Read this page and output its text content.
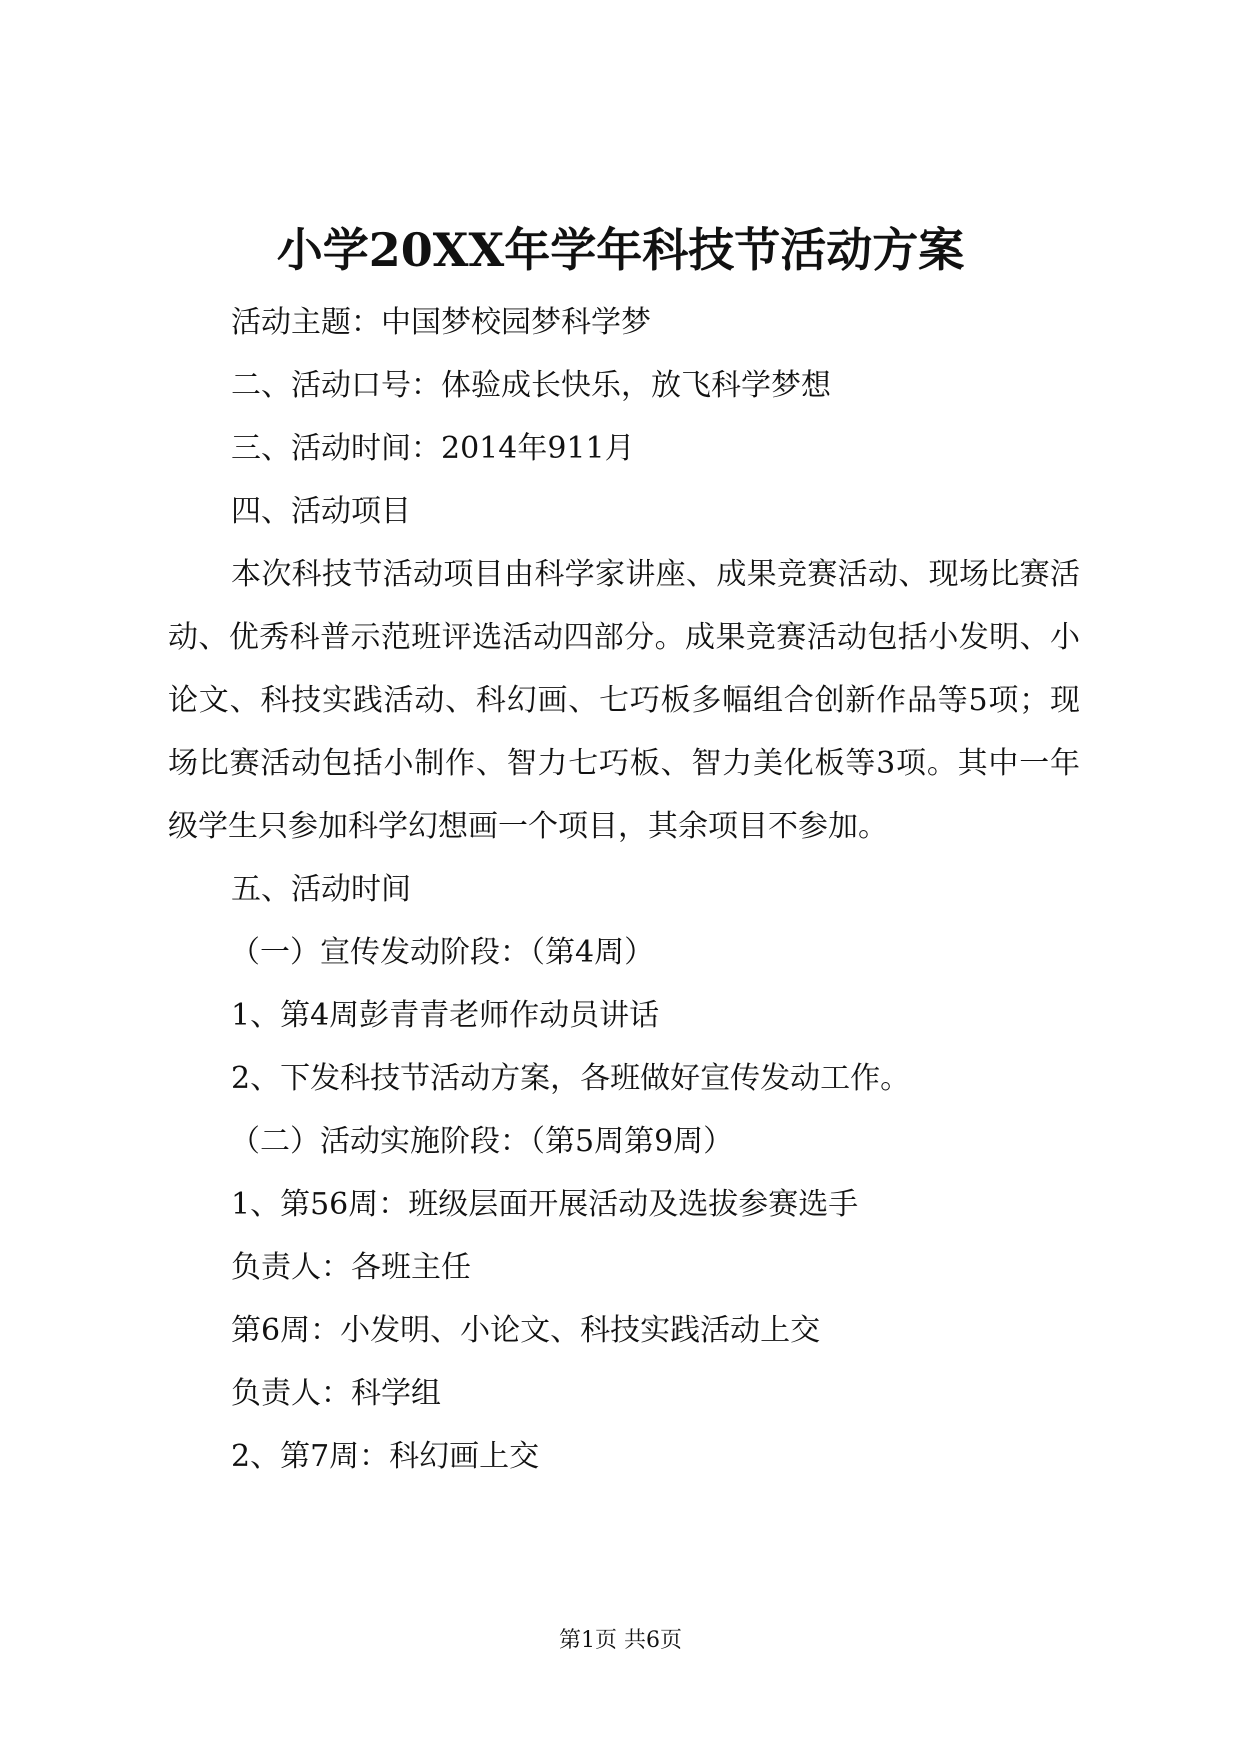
小学20XX年学年科技节活动方案

活动主题：中国梦校园梦科学梦

二、活动口号：体验成长快乐，放飞科学梦想

三、活动时间：2014年911月

四、活动项目

本次科技节活动项目由科学家讲座、成果竞赛活动、现场比赛活动、优秀科普示范班评选活动四部分。成果竞赛活动包括小发明、小论文、科技实践活动、科幻画、七巧板多幅组合创新作品等5项；现场比赛活动包括小制作、智力七巧板、智力美化板等3项。其中一年级学生只参加科学幻想画一个项目，其余项目不参加。

五、活动时间

（一）宣传发动阶段：（第4周）

1、第4周彭青青老师作动员讲话

2、下发科技节活动方案，各班做好宣传发动工作。

（二）活动实施阶段：（第5周第9周）

1、第56周：班级层面开展活动及选拔参赛选手

负责人：各班主任

第6周：小发明、小论文、科技实践活动上交

负责人：科学组

2、第7周：科幻画上交

第1页 共6页
